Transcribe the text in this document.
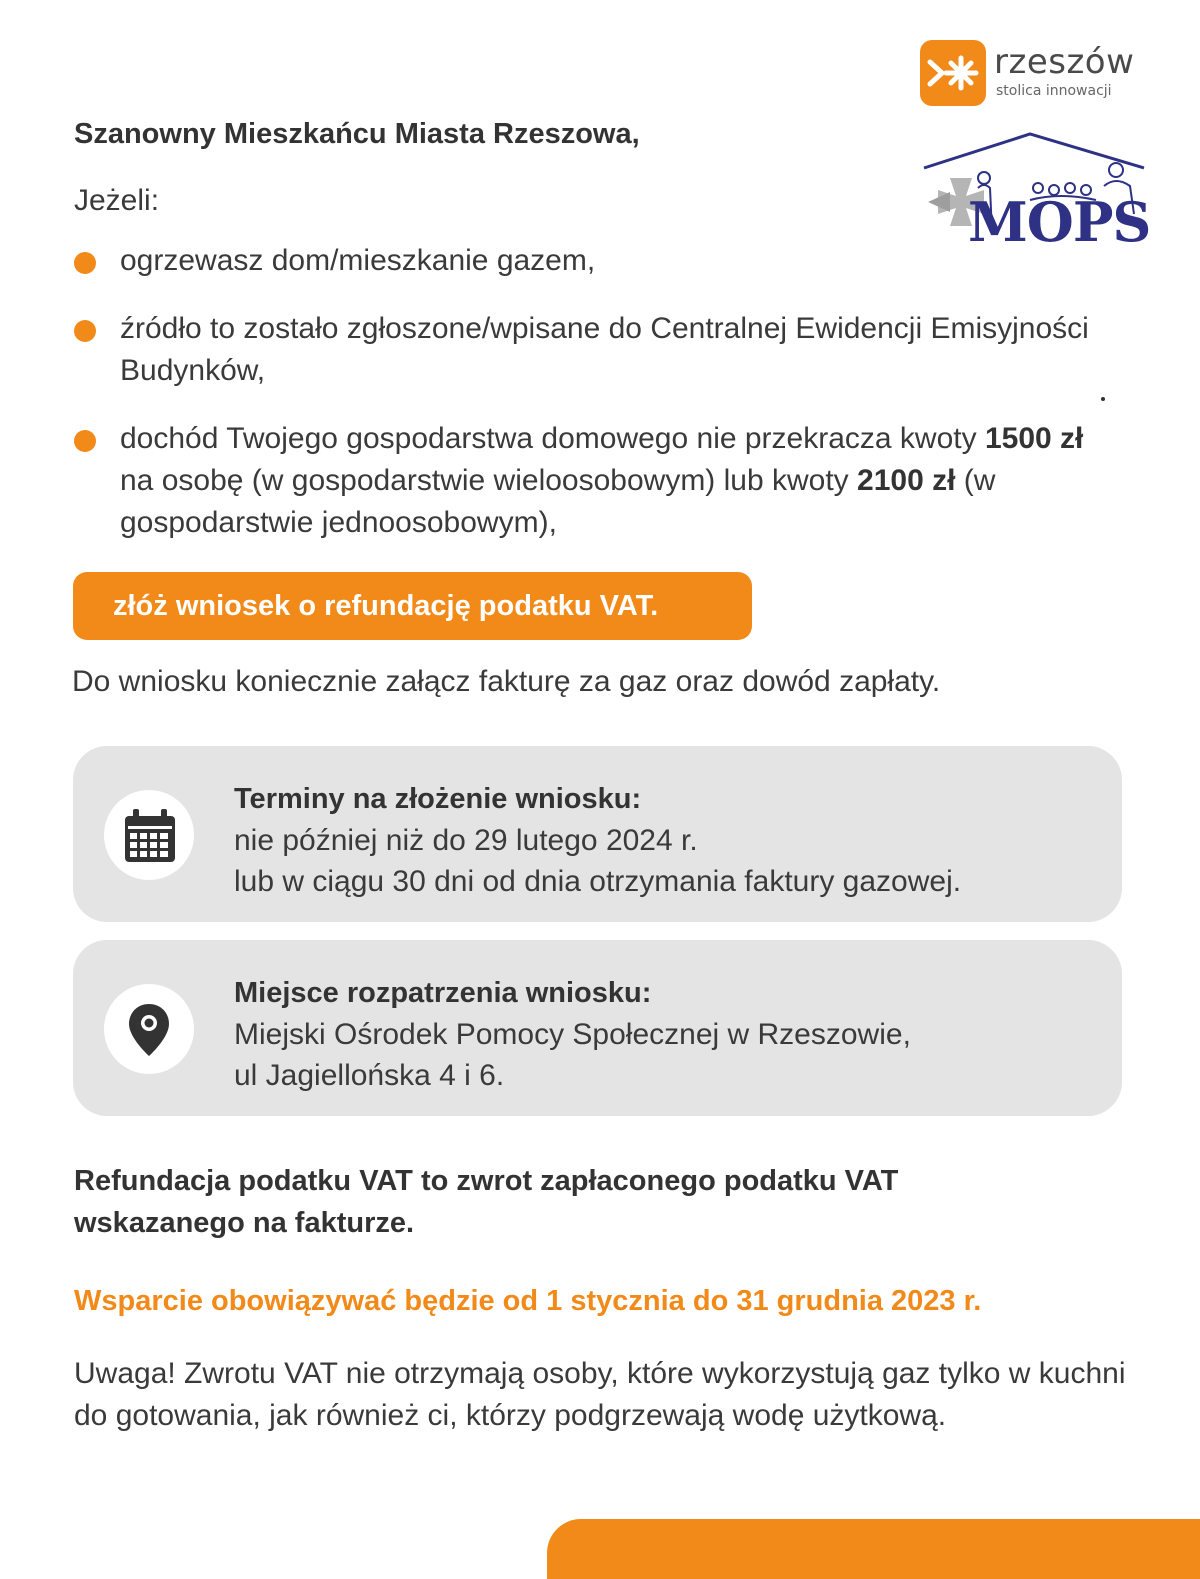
rzeszów
stolica innowacji
MOPS

Szanowny Mieszkańcu Miasta Rzeszowa,

Jeżeli:

ogrzewasz dom/mieszkanie gazem,
źródło to zostało zgłoszone/wpisane do Centralnej Ewidencji Emisyjności Budynków,
dochód Twojego gospodarstwa domowego nie przekracza kwoty 1500 zł na osobę (w gospodarstwie wieloosobowym) lub kwoty 2100 zł (w gospodarstwie jednoosobowym),
złóż wniosek o refundację podatku VAT.

Do wniosku koniecznie załącz fakturę za gaz oraz dowód zapłaty.

Terminy na złożenie wniosku:
nie później niż do 29 lutego 2024 r.
lub w ciągu 30 dni od dnia otrzymania faktury gazowej.
Miejsce rozpatrzenia wniosku:
Miejski Ośrodek Pomocy Społecznej w Rzeszowie,
ul Jagiellońska 4 i 6.

Refundacja podatku VAT to zwrot zapłaconego podatku VAT wskazanego na fakturze.

Wsparcie obowiązywać będzie od 1 stycznia do 31 grudnia 2023 r.

Uwaga! Zwrotu VAT nie otrzymają osoby, które wykorzystują gaz tylko w kuchni do gotowania, jak również ci, którzy podgrzewają wodę użytkową.
